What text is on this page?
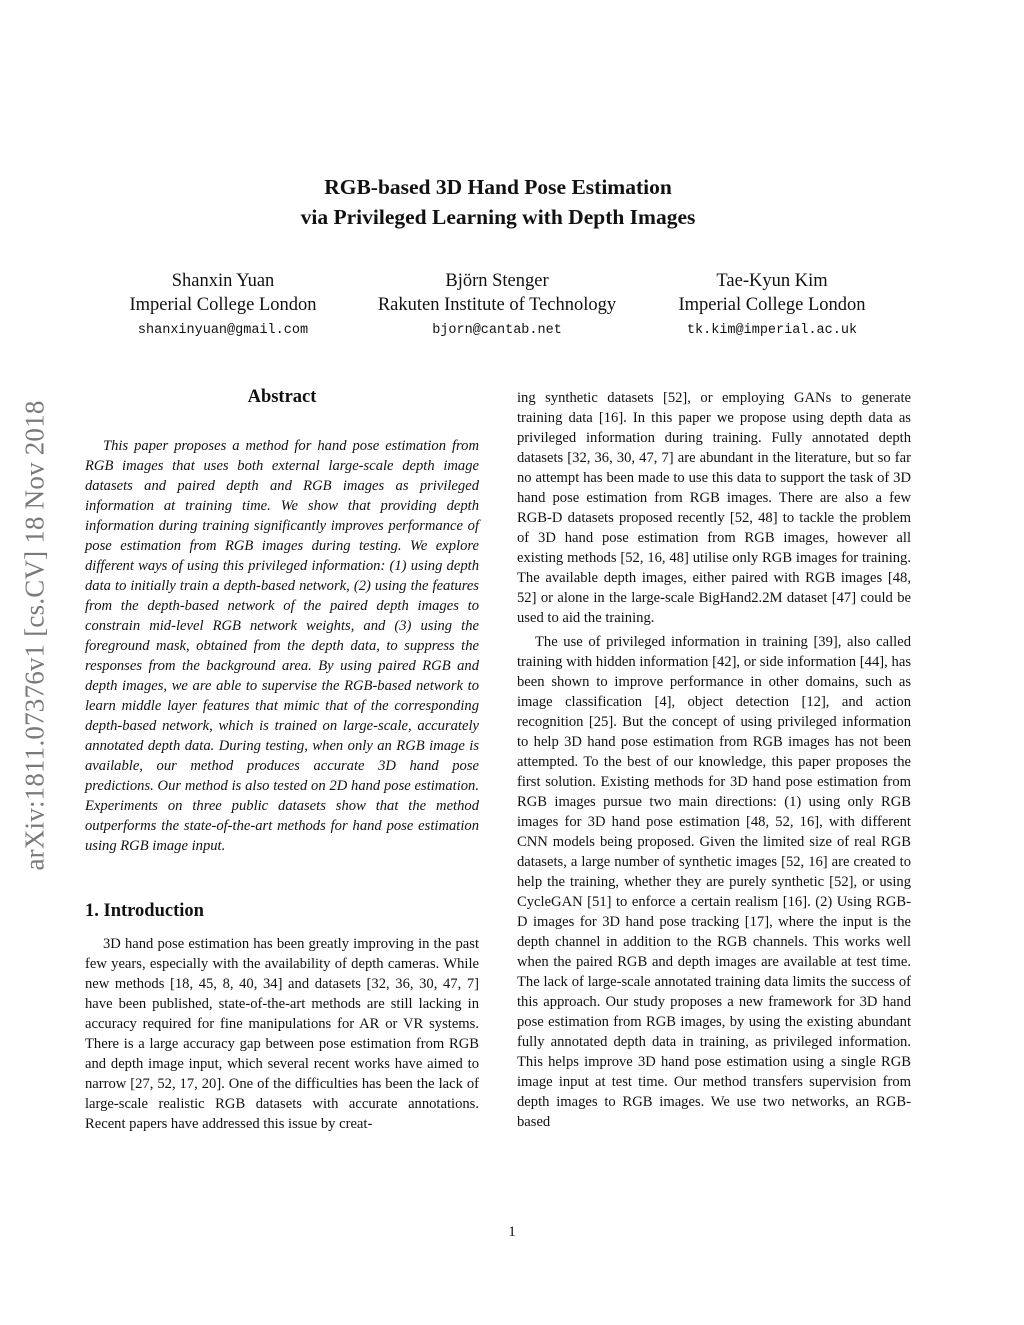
arXiv:1811.07376v1 [cs.CV] 18 Nov 2018
RGB-based 3D Hand Pose Estimation
via Privileged Learning with Depth Images
Shanxin Yuan
Imperial College London
shanxinyuan@gmail.com
Björn Stenger
Rakuten Institute of Technology
bjorn@cantab.net
Tae-Kyun Kim
Imperial College London
tk.kim@imperial.ac.uk
Abstract

This paper proposes a method for hand pose estimation from RGB images that uses both external large-scale depth image datasets and paired depth and RGB images as privileged information at training time. We show that providing depth information during training significantly improves performance of pose estimation from RGB images during testing. We explore different ways of using this privileged information: (1) using depth data to initially train a depth-based network, (2) using the features from the depth-based network of the paired depth images to constrain mid-level RGB network weights, and (3) using the foreground mask, obtained from the depth data, to suppress the responses from the background area. By using paired RGB and depth images, we are able to supervise the RGB-based network to learn middle layer features that mimic that of the corresponding depth-based network, which is trained on large-scale, accurately annotated depth data. During testing, when only an RGB image is available, our method produces accurate 3D hand pose predictions. Our method is also tested on 2D hand pose estimation. Experiments on three public datasets show that the method outperforms the state-of-the-art methods for hand pose estimation using RGB image input.

1. Introduction

3D hand pose estimation has been greatly improving in the past few years, especially with the availability of depth cameras. While new methods [18, 45, 8, 40, 34] and datasets [32, 36, 30, 47, 7] have been published, state-of-the-art methods are still lacking in accuracy required for fine manipulations for AR or VR systems. There is a large accuracy gap between pose estimation from RGB and depth image input, which several recent works have aimed to narrow [27, 52, 17, 20]. One of the difficulties has been the lack of large-scale realistic RGB datasets with accurate annotations. Recent papers have addressed this issue by creat-

ing synthetic datasets [52], or employing GANs to generate training data [16]. In this paper we propose using depth data as privileged information during training. Fully annotated depth datasets [32, 36, 30, 47, 7] are abundant in the literature, but so far no attempt has been made to use this data to support the task of 3D hand pose estimation from RGB images. There are also a few RGB-D datasets proposed recently [52, 48] to tackle the problem of 3D hand pose estimation from RGB images, however all existing methods [52, 16, 48] utilise only RGB images for training. The available depth images, either paired with RGB images [48, 52] or alone in the large-scale BigHand2.2M dataset [47] could be used to aid the training.

The use of privileged information in training [39], also called training with hidden information [42], or side information [44], has been shown to improve performance in other domains, such as image classification [4], object detection [12], and action recognition [25]. But the concept of using privileged information to help 3D hand pose estimation from RGB images has not been attempted. To the best of our knowledge, this paper proposes the first solution. Existing methods for 3D hand pose estimation from RGB images pursue two main directions: (1) using only RGB images for 3D hand pose estimation [48, 52, 16], with different CNN models being proposed. Given the limited size of real RGB datasets, a large number of synthetic images [52, 16] are created to help the training, whether they are purely synthetic [52], or using CycleGAN [51] to enforce a certain realism [16]. (2) Using RGB-D images for 3D hand pose tracking [17], where the input is the depth channel in addition to the RGB channels. This works well when the paired RGB and depth images are available at test time. The lack of large-scale annotated training data limits the success of this approach. Our study proposes a new framework for 3D hand pose estimation from RGB images, by using the existing abundant fully annotated depth data in training, as privileged information. This helps improve 3D hand pose estimation using a single RGB image input at test time. Our method transfers supervision from depth images to RGB images. We use two networks, an RGB-based

1
